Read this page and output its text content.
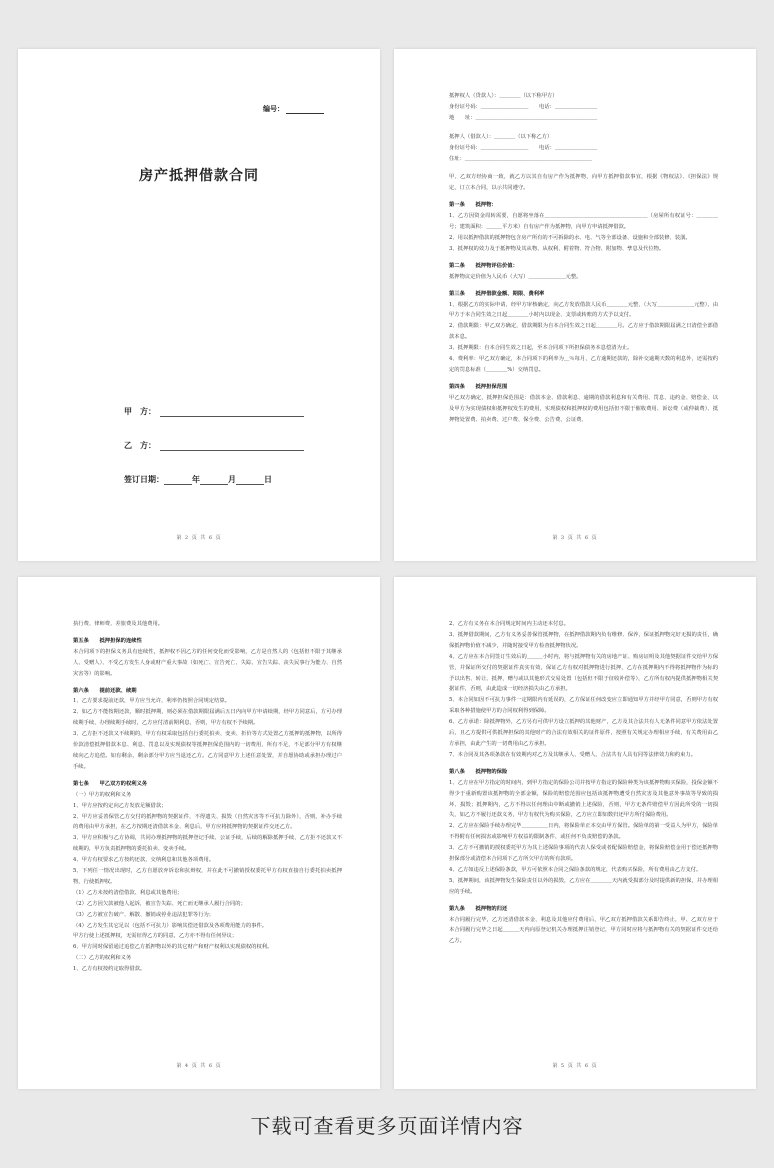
编号：
房产抵押借款合同
甲　方：
乙　方：
签订日期：	年	月	日
第 2 页 共 6 页

抵押权人（贷款人）：＿＿＿＿（以下称甲方）

身份证号码：＿＿＿＿＿＿＿＿＿　　电话：＿＿＿＿＿＿＿＿

地　　址：＿＿＿＿＿＿＿＿＿＿＿＿＿＿＿＿＿＿＿＿＿＿＿

抵押人（借款人）：＿＿＿＿（以下称乙方）

身份证号码：＿＿＿＿＿＿＿＿＿　　电话：＿＿＿＿＿＿＿＿

住址：＿＿＿＿＿＿＿＿＿＿＿＿＿＿＿＿＿＿＿＿＿＿＿＿

甲、乙双方经协商一致，就乙方以其自有房产作为抵押物，向甲方抵押借款事宜，根据《物权法》、《担保法》规定，订立本合同，以示共同遵守。

第一条　　抵押物：

1、乙方因资金周转需要，自愿将坐落在＿＿＿＿＿＿＿＿＿＿＿＿＿＿＿＿＿＿＿（房屋所有权证号：＿＿＿＿号；建筑面积：＿＿＿平方米）自有房产作为抵押物，向甲方申请抵押借款。

2、用以抵押借款的抵押物包含房产所有的不可拆除的水、电、气等全部设备、设施和全部装修、装潢。

3、抵押权的效力及于抵押物及其从物、从权利、附着物、符合物、附加物、孳息及代位物。

第二条　　抵押物评估价值：

抵押物议定价值为人民币（大写）＿＿＿＿＿＿＿元整。

第三条　　抵押借款金额、期限、费利率

1、根据乙方的实际申请，经甲方审核确定，向乙方发放借款人民币＿＿＿＿元整，（大写＿＿＿＿＿＿＿元整），由甲方于本合同生效之日起＿＿＿＿小时内以现金、支票或转账的方式予以支付。

2、借款期限：甲乙双方确定，借款期限为自本合同生效之日起＿＿＿＿月。乙方应于借款期限届满之日清偿全部借款本息。

3、抵押期限：自本合同生效之日起，至本合同项下所担保债务本息偿清为止。

4、费利率：甲乙双方确定，本合同项下的利率为＿％每月，乙方逾期还款的，除补交逾期天数的利息外，还需按约定的罚息标准（＿＿＿＿%）交纳罚息。

第四条　　抵押担保范围

甲乙双方确定，抵押担保范围是：借款本金、借款利息、逾期的借款利息和有关费用、罚息、违约金、赔偿金，以及甲方为实现债权和抵押权发生的费用，实现债权和抵押权的费用包括但不限于催收费用、诉讼费（或仲裁费）、抵押物处置费、拍卖费、过户费、保全费、公告费、公证费、

第 3 页 共 6 页

执行费、律师费、差旅费及其他费用。

第五条　　抵押担保的连续性

本合同项下的担保义务具有连续性，抵押权不因乙方的任何变化而受影响，乙方是自然人的（包括但不限于其继承人、受赠人）、不受乙方发生人身或财产重大事故（如死亡、宣告死亡、失踪、宣告失踪、丧失民事行为能力、自然灾害等）的影响。

第六条　　提前还款、续期

1、乙方要求提前还款，甲方应当允许，利率仍按照合同规定结算。

2、如乙方不能按期还款，顺时抵押期，则必须在借款期限届满后五日内向甲方申请续期，经甲方同意后，方可办理续期手续，办理续期手续时，乙方应付清前期利息，否则，甲方有权不予续期。

3、乙方拒不还款又不续期的，甲方有权采取包括自行委托拍卖、变卖、折价等方式处置乙方抵押的抵押物，以所得价款清偿抵押借款本息、利息、罚息以及实现债权等抵押担保范围内的一切费用，所有不足，不足部分甲方有权继续向乙方追偿。如有剩余，剩余部分甲方应当退还乙方。乙方同意甲方上述任意处置，并自愿协助或承担办理过户手续。

第七条　　甲乙双方的权利义务

（一）甲方的权利和义务

1、甲方应按约定向乙方发放足额借款；

2、甲方应妥善保管乙方交付的抵押物的契据证件，不得遗失、损毁（自然灾害等不可抗力除外），否则，补办手续的费用由甲方承担，在乙方按期还清借款本金、利息后，甲方应将抵押物的契据证件交还乙方。

3、甲方应积极与乙方协调，共同办理抵押物的抵押登记手续、公证手续，后续的解除抵押手续，乙方拒不还款又不续期的，甲方负责抵押物的委托拍卖、变卖手续。

4、甲方有权要求乙方按约还款，交纳利息和其他各项费用。

5、下列任一情况出现时，乙方自愿放弃诉讼和抗辩权，并在此不可撤销授权委托甲方有权直接自行委托拍卖抵押物，行使抵押权。

（1）乙方未按约清偿借款、利息或其他费用；

（2）乙方因欠款被他人起诉，被宣告失踪、死亡而无继承人履行合同的；

（3）乙方被宣告破产、解散、撤销或停业违法犯罪等行为；

（4）乙方发生其它足以（包括不可抗力）影响其偿还借款及各项费用能力的事件。

甲方行使上述抵押权，无需征得乙方的同意，乙方亦不得有任何异议；

6、甲方同时保留通过追偿乙方抵押物以外的其它财产和财产权利以实现债权的权利。

（二）乙方的权利和义务

1、乙方有权按约定取得借款。

第 4 页 共 6 页

2、乙方有义务在本合同规定时间内主动还本付息。

3、抵押借款期间，乙方有义务妥善保管抵押物，在抵押借款期内负有维修、保养，保证抵押物完好无损的责任，确保抵押物价值不减少，并随时接受甲方检查抵押物状况。

4、乙方应在本合同签订生效后的＿＿＿小时内，将与抵押物有关的房地产证、购房证明及其他契据证件交给甲方保管，并保证所交付的契据证件真实有效，保证乙方有权对抵押物进行抵押，乙方在抵押期内不得将抵押物作为标的予以出售、转让、抵押，赠与或以其他形式交易处置（包括但不限于征收补偿等），乙方所有权内提供抵押物相关契据证件，否则，由此造成一切经济损失由乙方承担。

5、本合同如因不可抗力事件一定期限内有延误的，乙方保证任何改变应立即通知甲方并经甲方同意，否则甲方有权采取各种措施使甲方的合同权利得到保障。

6、乙方承诺：除抵押物外，乙方另有可供甲方设立抵押的其他财产，乙方及其合法共有人无条件同意甲方依法处置后，且乙方提供可供抵押担保的其他财产的合法有效相关的证件原件，按照有关规定办理相应手续，有关费用由乙方承担，由此产生的一切费用由乙方承担。

7、本合同及其各项条款在有效期内对乙方及其继承人、受赠人、合法共有人具有同等法律效力和约束力。

第八条　　抵押物的保险

1、乙方应在甲方指定的时间内，到甲方指定的保险公司并按甲方指定的保险种类为该抵押物购买保险，投保金额不得少于重新购置该抵押物的全部金额，保险的赔偿范围应包括该抵押物遭受自然灾害及其他意外事故等导致的损坏、损毁；抵押期内，乙方不得以任何理由中断或撤销上述保险，否则，甲方无条件赔偿甲方因此所受的一切损失，如乙方不履行还款义务，甲方有权代为购买保险，乙方应立即如数归还甲方所付保险费用。

2、乙方应在保险手续办理完毕＿＿＿＿＿日内，将保险单正本交由甲方保管。保险单的第一受益人为甲方，保险单不得附有任何损害或影响甲方权益的限制条件，或任何不负责赔偿的条款。

3、乙方不可撤销的授权委托甲方为其上述保险事项的代表人保受或者配保险赔偿金，将保险赔偿金用于偿还抵押物担保部分或清偿本合同项下乙方所欠甲方的所有款项。

4、乙方如违反上述保险条款，甲方可依照本合同之保险条款的规定，代表购买保险，所有费用由乙方支付。

5、抵押期间，该抵押物发生保险责任以外的损毁，乙方应在＿＿＿＿天内就受损部分及时提供新的担保，并办理相应的手续。

第九条　　抵押物的归还

本合同履行完毕，乙方还清借款本金、利息及其他应付费用后，甲乙双方抵押借款关系即告终止，甲、乙双方应于本合同履行完毕之日起＿＿＿天内向原登记机关办理抵押注销登记，甲方同时应将与抵押物有关的契据证件交还给乙方。

第 5 页 共 6 页
下载可查看更多页面详情内容
